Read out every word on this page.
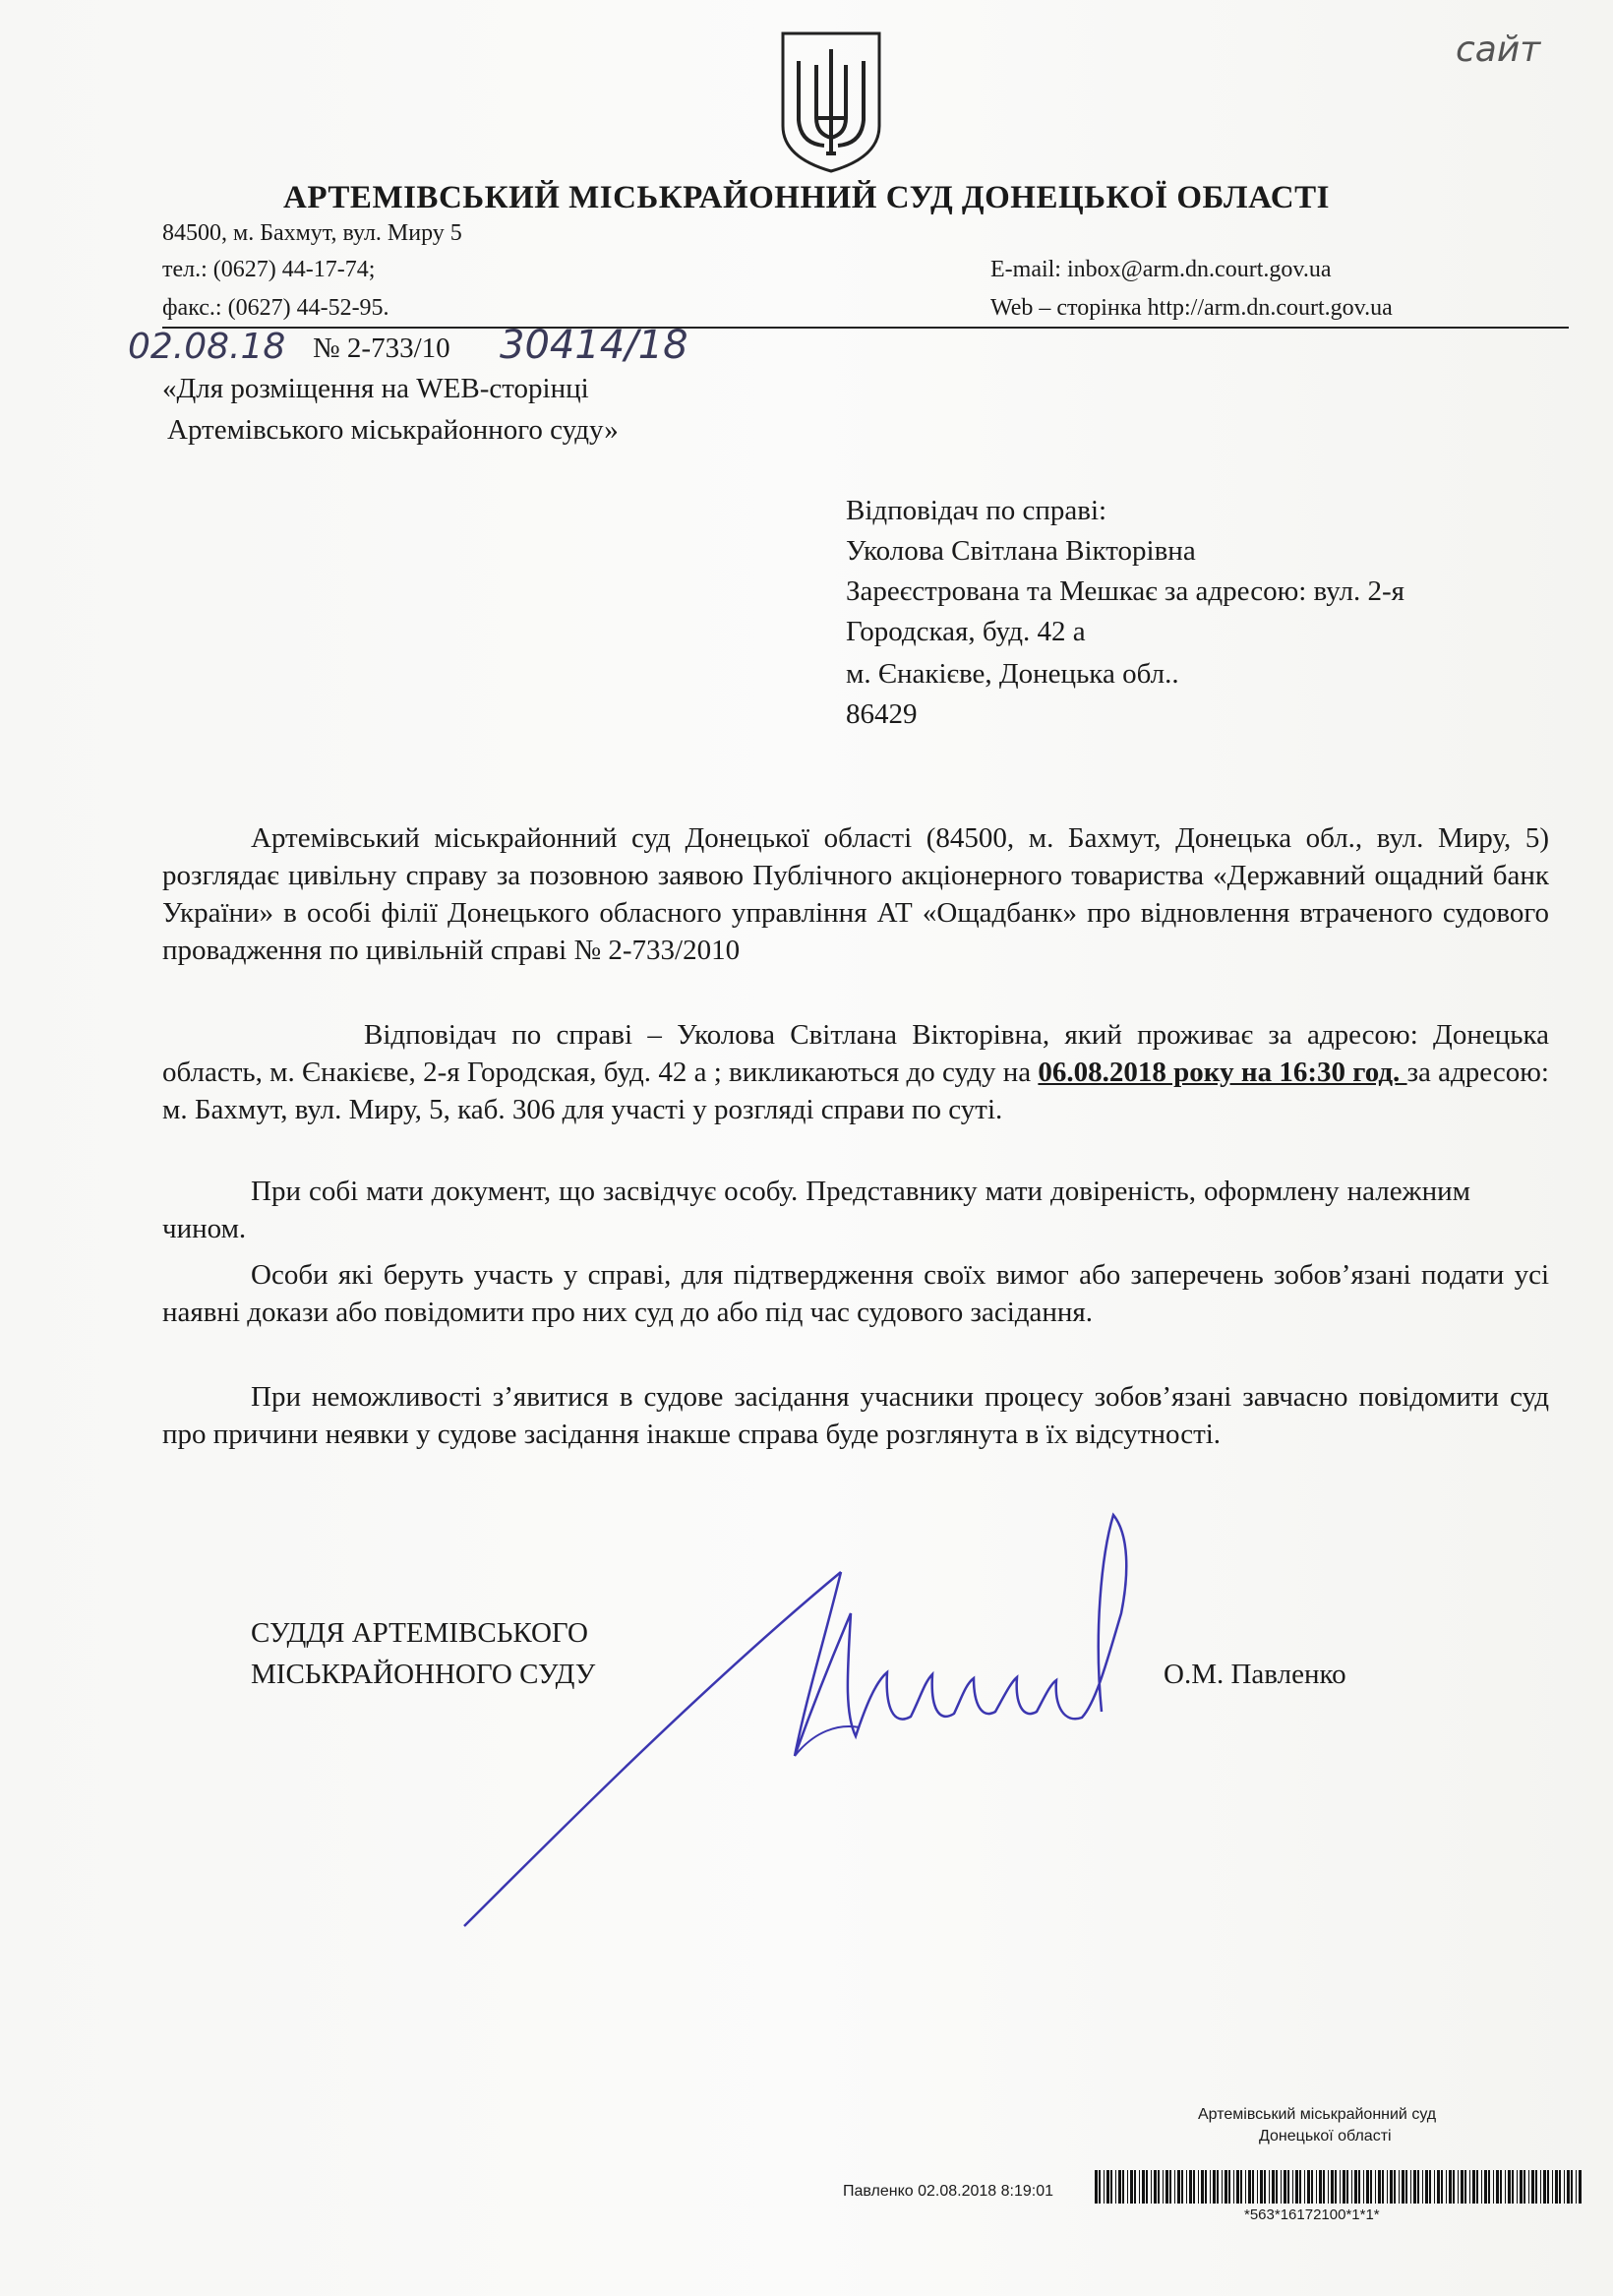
сайт
АРТЕМІВСЬКИЙ МІСЬКРАЙОННИЙ СУД ДОНЕЦЬКОЇ ОБЛАСТІ
84500, м. Бахмут, вул. Миру 5
тел.: (0627) 44-17-74;
факс.: (0627) 44-52-95.
E-mail: inbox@arm.dn.court.gov.ua
Web – сторінка http://arm.dn.court.gov.ua
02.08.18 № 2-733/10 30414/18
«Для розміщення на WEB-сторінці
Артемівського міськрайонного суду»
Відповідач по справі:
Уколова Світлана Вікторівна
Зареєстрована та Мешкає за адресою: вул. 2-я
Городская, буд. 42 а
м. Єнакієве, Донецька обл..
86429
Артемівський міськрайонний суд Донецької області (84500, м. Бахмут, Донецька обл., вул. Миру, 5) розглядає цивільну справу за позовною заявою Публічного акціонерного товариства «Державний ощадний банк України» в особі філії Донецького обласного управління АТ «Ощадбанк» про відновлення втраченого судового провадження по цивільній справі № 2-733/2010
Відповідач по справі – Уколова Світлана Вікторівна, який проживає за адресою: Донецька область, м. Єнакієве, 2-я Городская, буд. 42 а ; викликаються до суду на 06.08.2018 року на 16:30 год. за адресою: м. Бахмут, вул. Миру, 5, каб. 306 для участі у розгляді справи по суті.
При собі мати документ, що засвідчує особу. Представнику мати довіреність, оформлену належним чином.
Особи які беруть участь у справі, для підтвердження своїх вимог або заперечень зобов’язані подати усі наявні докази або повідомити про них суд до або під час судового засідання.
При неможливості з’явитися в судове засідання учасники процесу зобов’язані завчасно повідомити суд про причини неявки у судове засідання інакше справа буде розглянута в їх відсутності.
СУДДЯ АРТЕМІВСЬКОГО
МІСЬКРАЙОННОГО СУДУ	О.М. Павленко
Артемівський міськрайонний суд
Донецької області
Павленко 02.08.2018 8:19:01
*563*16172100*1*1*
